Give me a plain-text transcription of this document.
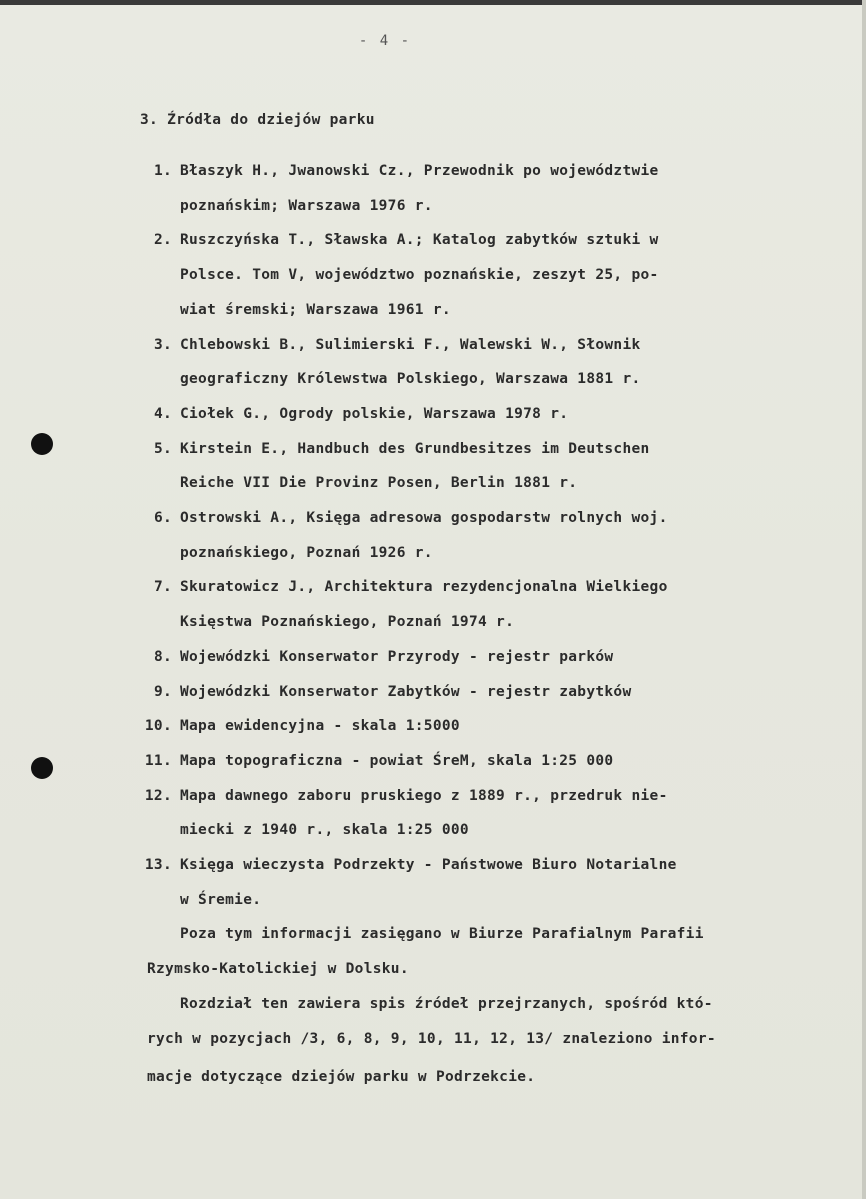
- 4 -
3. Źródła do dziejów parku
1. Błaszyk H., Jwanowski Cz., Przewodnik po województwie
poznańskim; Warszawa 1976 r.
2. Ruszczyńska T., Sławska A.; Katalog zabytków sztuki w
Polsce. Tom V, województwo poznańskie, zeszyt 25, po-
wiat śremski; Warszawa 1961 r.
3. Chlebowski B., Sulimierski F., Walewski W., Słownik
geograficzny Królewstwa Polskiego, Warszawa 1881 r.
4. Ciołek G., Ogrody polskie, Warszawa 1978 r.
5. Kirstein E., Handbuch des Grundbesitzes im Deutschen
Reiche VII Die Provinz Posen, Berlin 1881 r.
6. Ostrowski A., Księga adresowa gospodarstw rolnych woj.
poznańskiego, Poznań 1926 r.
7. Skuratowicz J., Architektura rezydencjonalna Wielkiego
Księstwa Poznańskiego, Poznań 1974 r.
8. Wojewódzki Konserwator Przyrody - rejestr parków
9. Wojewódzki Konserwator Zabytków - rejestr zabytków
10. Mapa ewidencyjna - skala 1:5000
11. Mapa topograficzna - powiat ŚreM, skala 1:25 000
12. Mapa dawnego zaboru pruskiego z 1889 r., przedruk nie-
miecki z 1940 r., skala 1:25 000
13. Księga wieczysta Podrzekty - Państwowe Biuro Notarialne
w Śremie.
Poza tym informacji zasięgano w Biurze Parafialnym Parafii
Rzymsko-Katolickiej w Dolsku.
Rozdział ten zawiera spis źródeł przejrzanych, spośród któ-
rych w pozycjach /3, 6, 8, 9, 10, 11, 12, 13/ znaleziono infor-
macje dotyczące dziejów parku w Podrzekcie.
